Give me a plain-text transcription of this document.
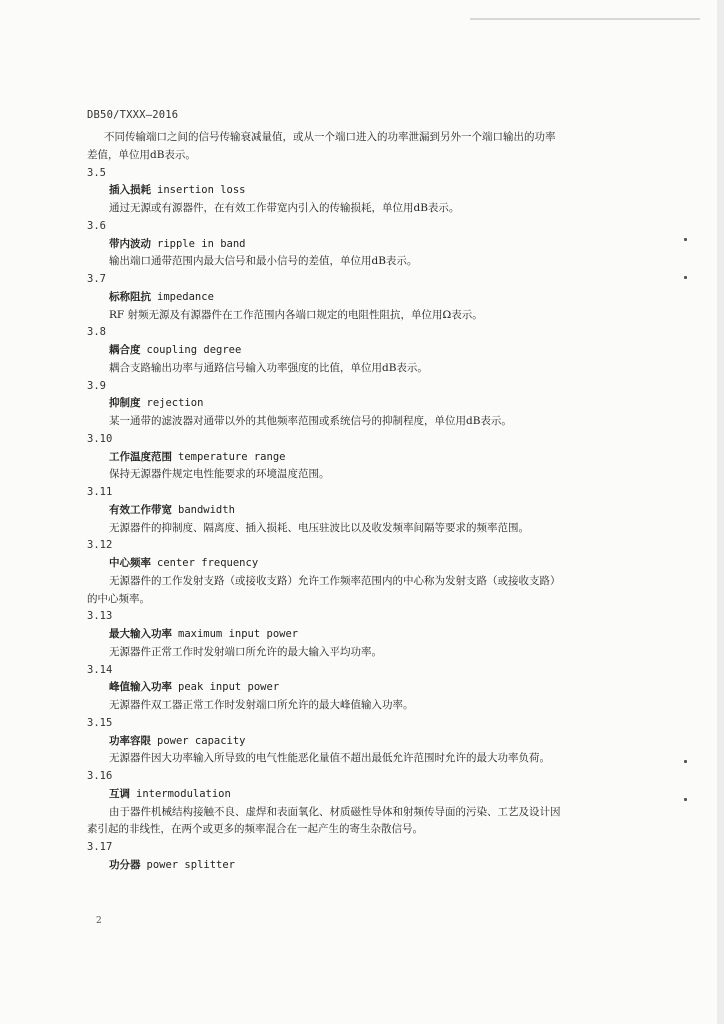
DB50/TXXX—2016
不同传输端口之间的信号传输衰减量值，或从一个端口进入的功率泄漏到另外一个端口输出的功率
差值，单位用dB表示。
3.5
插入损耗 insertion loss
通过无源或有源器件，在有效工作带宽内引入的传输损耗，单位用dB表示。
3.6
带内波动 ripple in band
输出端口通带范围内最大信号和最小信号的差值，单位用dB表示。
3.7
标称阻抗 impedance
RF 射频无源及有源器件在工作范围内各端口规定的电阻性阻抗，单位用Ω表示。
3.8
耦合度 coupling degree
耦合支路输出功率与通路信号输入功率强度的比值，单位用dB表示。
3.9
抑制度 rejection
某一通带的滤波器对通带以外的其他频率范围或系统信号的抑制程度，单位用dB表示。
3.10
工作温度范围 temperature range
保持无源器件规定电性能要求的环境温度范围。
3.11
有效工作带宽 bandwidth
无源器件的抑制度、隔离度、插入损耗、电压驻波比以及收发频率间隔等要求的频率范围。
3.12
中心频率 center frequency
无源器件的工作发射支路（或接收支路）允许工作频率范围内的中心称为发射支路（或接收支路）
的中心频率。
3.13
最大输入功率 maximum input power
无源器件正常工作时发射端口所允许的最大输入平均功率。
3.14
峰值输入功率 peak input power
无源器件双工器正常工作时发射端口所允许的最大峰值输入功率。
3.15
功率容限 power capacity
无源器件因大功率输入所导致的电气性能恶化量值不超出最低允许范围时允许的最大功率负荷。
3.16
互调 intermodulation
由于器件机械结构接触不良、虚焊和表面氧化、材质磁性导体和射频传导面的污染、工艺及设计因
素引起的非线性，在两个或更多的频率混合在一起产生的寄生杂散信号。
3.17
功分器 power splitter
2
